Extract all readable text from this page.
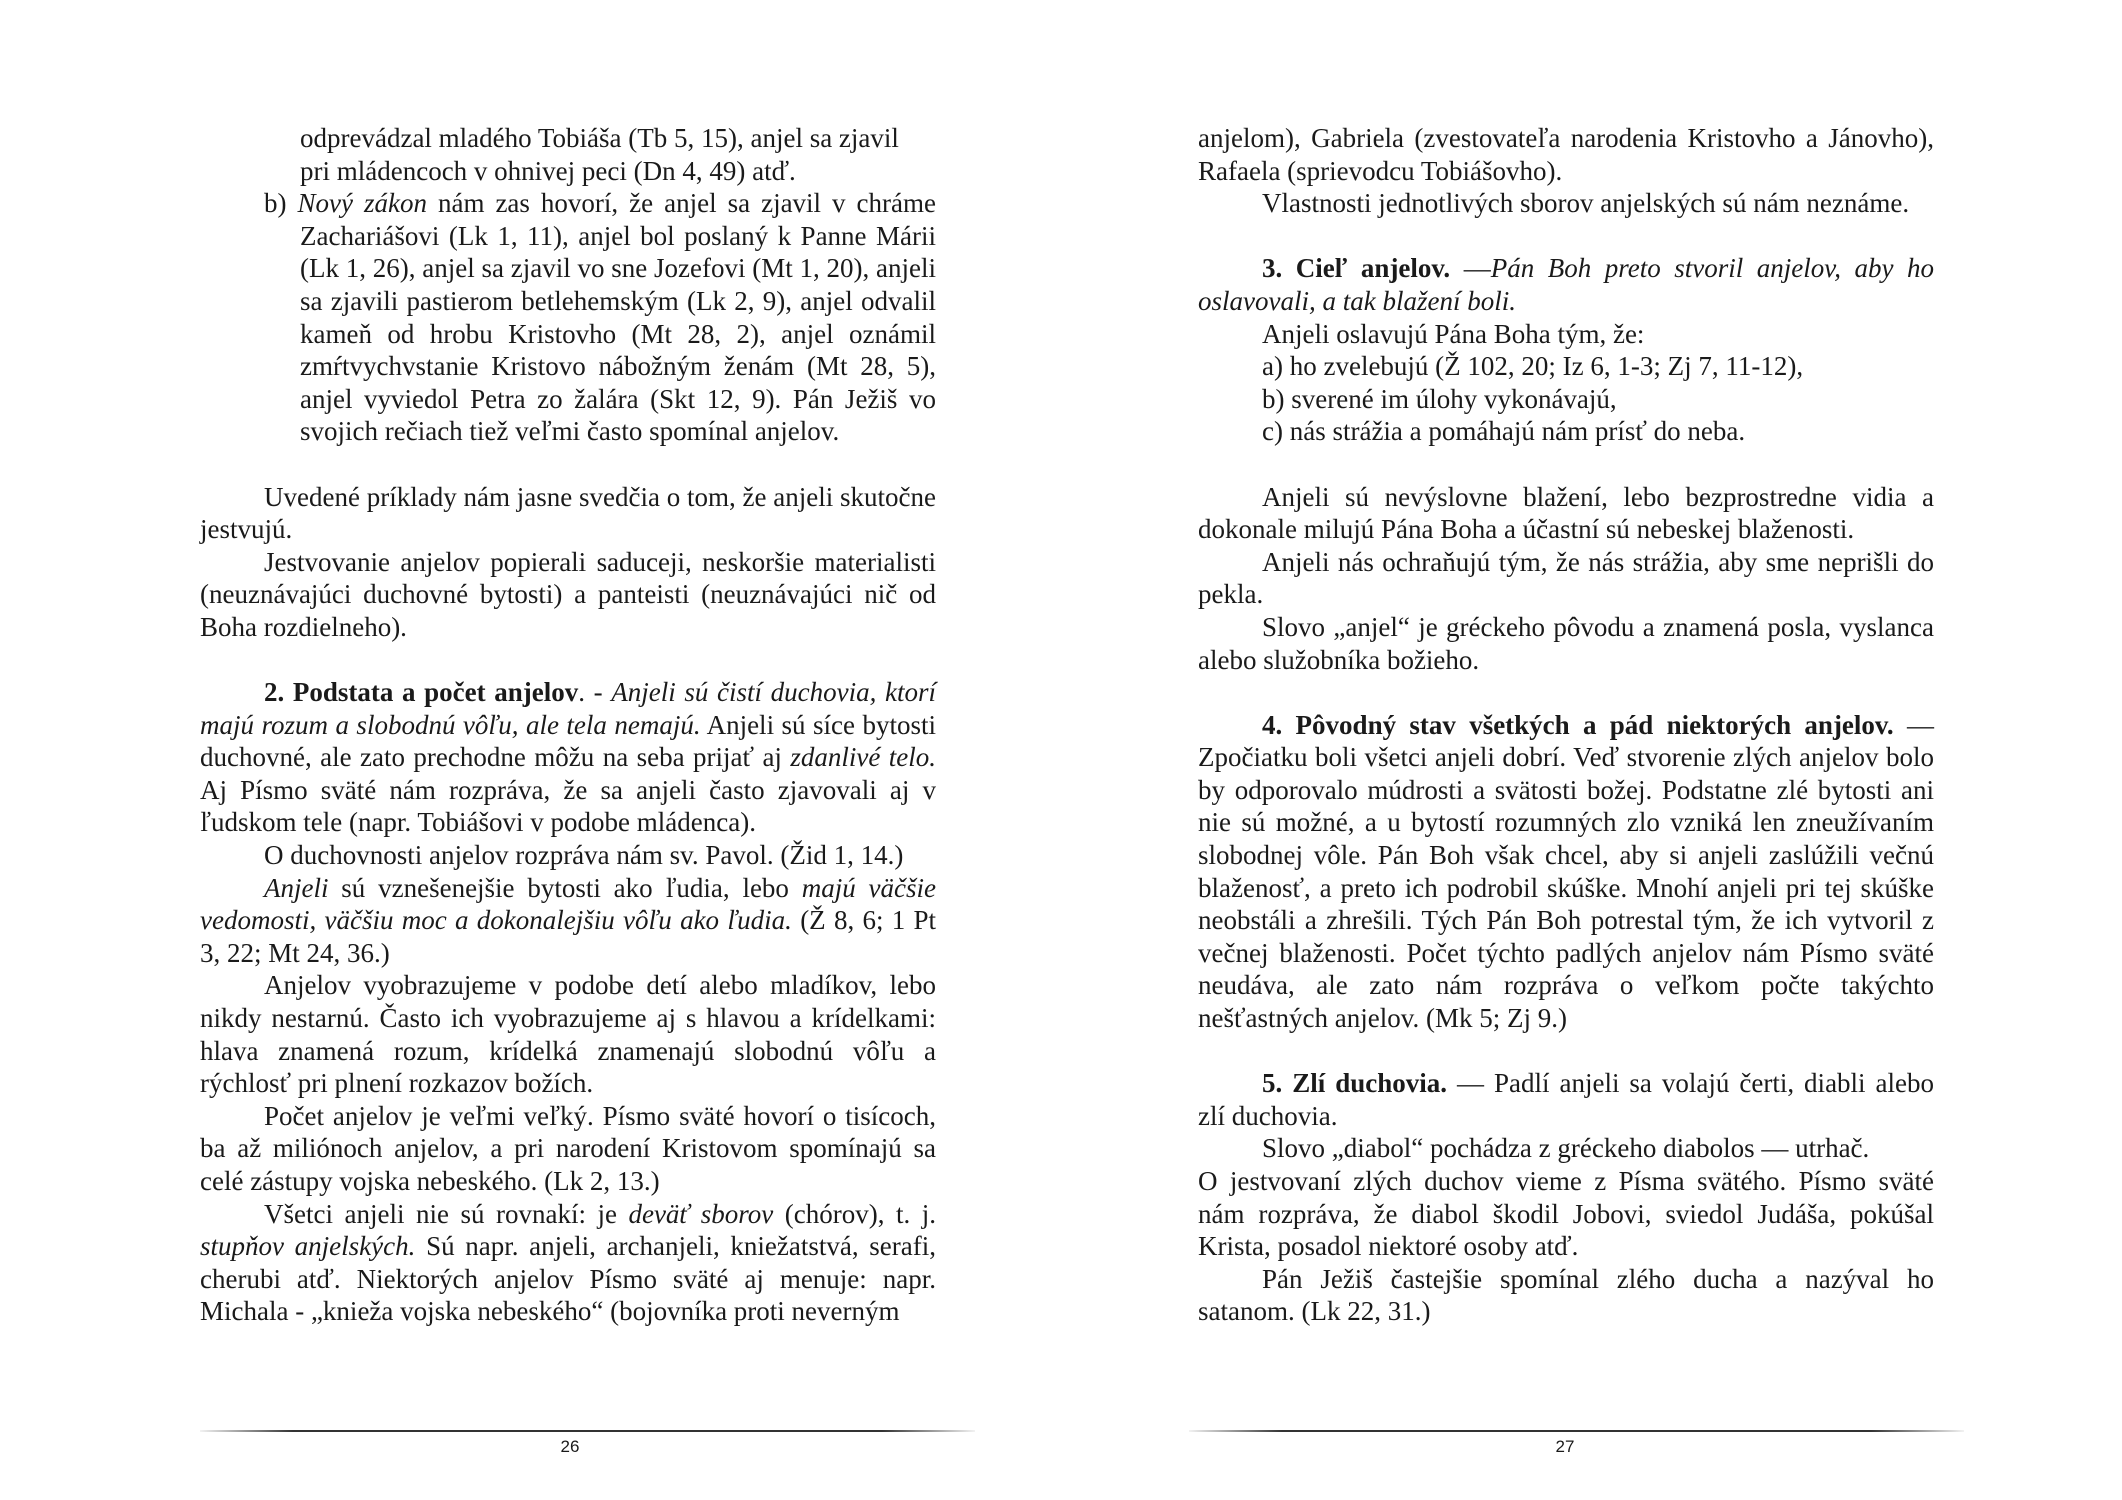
odprevádzal mladého Tobiáša (Tb 5, 15), anjel sa zjavil
pri mládencoch v ohnivej peci (Dn 4, 49) atď.

b) Nový zákon nám zas hovorí, že anjel sa zjavil v chráme Zachariášovi (Lk 1, 11), anjel bol poslaný k Panne Márii (Lk 1, 26), anjel sa zjavil vo sne Jozefovi (Mt 1, 20), anjeli sa zjavili pastierom betlehemským (Lk 2, 9), anjel odvalil kameň od hrobu Kristovho (Mt 28, 2), anjel oznámil zmŕtvychvstanie Kristovo nábožným ženám (Mt 28, 5), anjel vyviedol Petra zo žalára (Skt 12, 9). Pán Ježiš vo svojich rečiach tiež veľmi často spomínal anjelov.

Uvedené príklady nám jasne svedčia o tom, že anjeli skutočne jestvujú.

Jestvovanie anjelov popierali saduceji, neskoršie materialisti (neuznávajúci duchovné bytosti) a panteisti (neuznávajúci nič od Boha rozdielneho).

2. Podstata a počet anjelov. - Anjeli sú čistí duchovia, ktorí majú rozum a slobodnú vôľu, ale tela nemajú. Anjeli sú síce bytosti duchovné, ale zato prechodne môžu na seba prijať aj zdanlivé telo. Aj Písmo sväté nám rozpráva, že sa anjeli často zjavovali aj v ľudskom tele (napr. Tobiášovi v podobe mládenca).

O duchovnosti anjelov rozpráva nám sv. Pavol. (Žid 1, 14.)

Anjeli sú vznešenejšie bytosti ako ľudia, lebo majú väčšie vedomosti, väčšiu moc a dokonalejšiu vôľu ako ľudia. (Ž 8, 6; 1 Pt 3, 22; Mt 24, 36.)

Anjelov vyobrazujeme v podobe detí alebo mladíkov, lebo nikdy nestarnú. Často ich vyobrazujeme aj s hlavou a krídelkami: hlava znamená rozum, krídelká znamenajú slobodnú vôľu a rýchlosť pri plnení rozkazov božích.

Počet anjelov je veľmi veľký. Písmo sväté hovorí o tisícoch, ba až miliónoch anjelov, a pri narodení Kristovom spomínajú sa celé zástupy vojska nebeského. (Lk 2, 13.)

Všetci anjeli nie sú rovnakí: je deväť sborov (chórov), t. j. stupňov anjelských. Sú napr. anjeli, archanjeli, kniežatstvá, serafi, cherubi atď. Niektorých anjelov Písmo sväté aj menuje: napr. Michala - „knieža vojska nebeského“ (bojovníka proti neverným

26

anjelom), Gabriela (zvestovateľa narodenia Kristovho a Jánovho), Rafaela (sprievodcu Tobiášovho).

Vlastnosti jednotlivých sborov anjelských sú nám neznáme.

3. Cieľ anjelov. —Pán Boh preto stvoril anjelov, aby ho oslavovali, a tak blažení boli.

Anjeli oslavujú Pána Boha tým, že:

a) ho zvelebujú (Ž 102, 20; Iz 6, 1-3; Zj 7, 11-12),

b) sverené im úlohy vykonávajú,

c) nás strážia a pomáhajú nám prísť do neba.

Anjeli sú nevýslovne blažení, lebo bezprostredne vidia a dokonale milujú Pána Boha a účastní sú nebeskej blaženosti.

Anjeli nás ochraňujú tým, že nás strážia, aby sme neprišli do pekla.

Slovo „anjel“ je gréckeho pôvodu a znamená posla, vyslanca alebo služobníka božieho.

4. Pôvodný stav všetkých a pád niektorých anjelov. — Zpočiatku boli všetci anjeli dobrí. Veď stvorenie zlých anjelov bolo by odporovalo múdrosti a svätosti božej. Podstatne zlé bytosti ani nie sú možné, a u bytostí rozumných zlo vzniká len zneužívaním slobodnej vôle. Pán Boh však chcel, aby si anjeli zaslúžili večnú blaženosť, a preto ich podrobil skúške. Mnohí anjeli pri tej skúške neobstáli a zhrešili. Tých Pán Boh potrestal tým, že ich vytvoril z večnej blaženosti. Počet týchto padlých anjelov nám Písmo sväté neudáva, ale zato nám rozpráva o veľkom počte takýchto nešťastných anjelov. (Mk 5; Zj 9.)

5. Zlí duchovia. — Padlí anjeli sa volajú čerti, diabli alebo zlí duchovia.

Slovo „diabol“ pochádza z gréckeho diabolos — utrhač.

O jestvovaní zlých duchov vieme z Písma svätého. Písmo sväté nám rozpráva, že diabol škodil Jobovi, sviedol Judáša, pokúšal Krista, posadol niektoré osoby atď.

Pán Ježiš častejšie spomínal zlého ducha a nazýval ho satanom. (Lk 22, 31.)

27
